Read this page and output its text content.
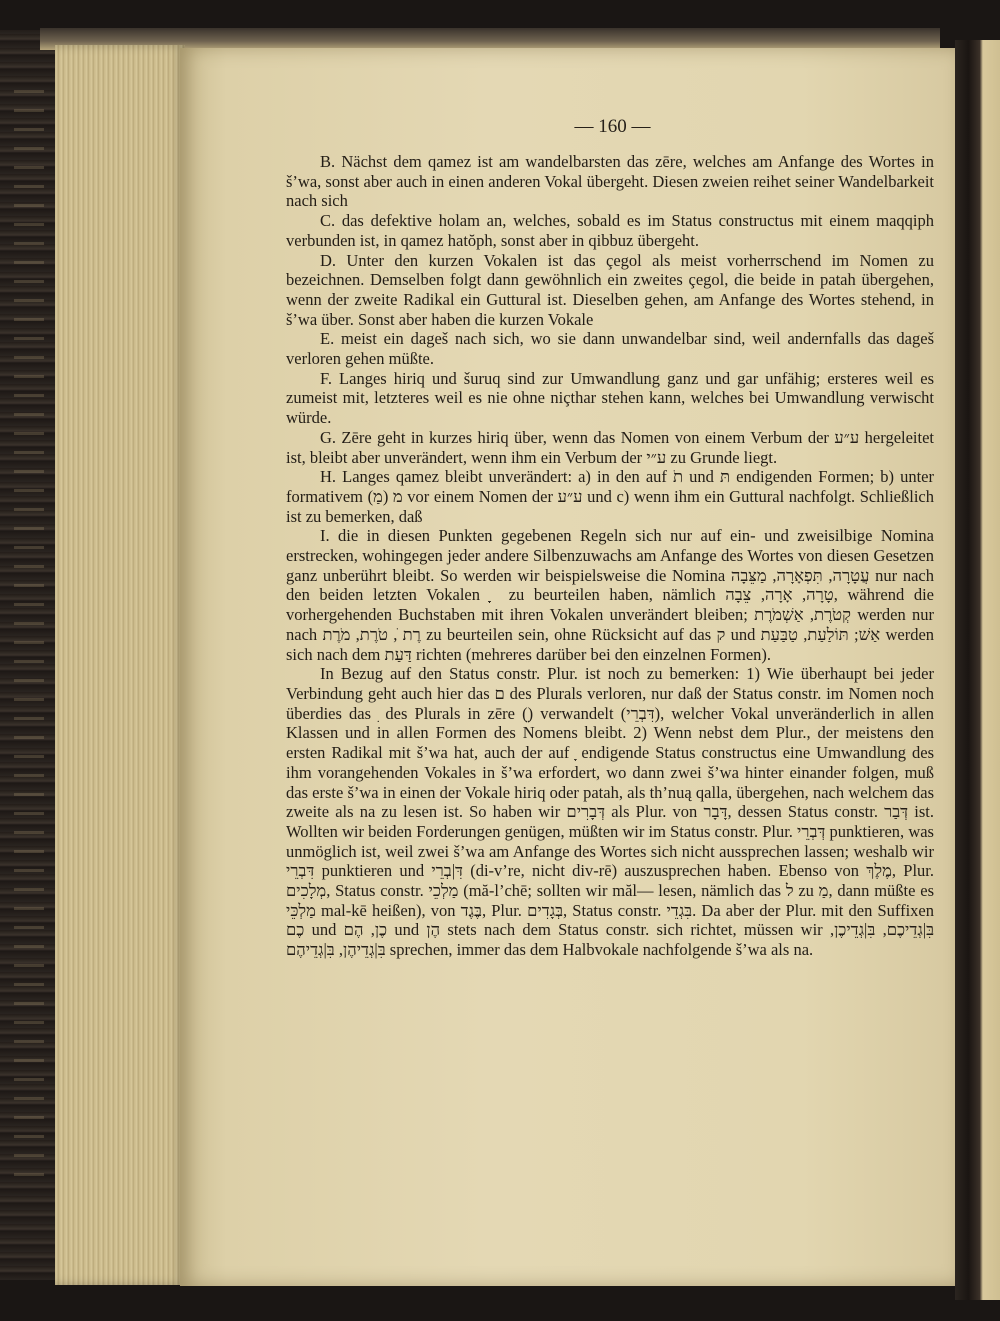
— 160 —

B. Nächst dem qamez ist am wandelbarsten das zēre, welches am Anfange des Wortes in š’wa, sonst aber auch in einen anderen Vokal übergeht. Diesen zweien reihet seiner Wandelbarkeit nach sich

C. das defektive holam an, welches, sobald es im Status constructus mit einem maqqiph verbunden ist, in qamez hatŏph, sonst aber in qibbuz übergeht.

D. Unter den kurzen Vokalen ist das çegol als meist vorherrschend im Nomen zu bezeichnen. Demselben folgt dann gewöhnlich ein zweites çegol, die beide in patah übergehen, wenn der zweite Radikal ein Guttural ist. Dieselben gehen, am Anfange des Wortes stehend, in š’wa über. Sonst aber haben die kurzen Vokale

E. meist ein dageš nach sich, wo sie dann unwandelbar sind, weil andernfalls das dageš verloren gehen müßte.

F. Langes hiriq und šuruq sind zur Umwandlung ganz und gar unfähig; ersteres weil es zumeist mit, letzteres weil es nie ohne niçthar stehen kann, welches bei Umwandlung verwischt würde.

G. Zēre geht in kurzes hiriq über, wenn das Nomen von einem Verbum der ע״ע hergeleitet ist, bleibt aber unverändert, wenn ihm ein Verbum der ע״י zu Grunde liegt.

H. Langes qamez bleibt unverändert: a) in den auf תֹ und תּ endigenden Formen; b) unter formativem מ (מַ) vor einem Nomen der ע״ע und c) wenn ihm ein Guttural nachfolgt. Schließlich ist zu bemerken, daß

I. die in diesen Punkten gegebenen Regeln sich nur auf ein- und zweisilbige Nomina erstrecken, wohingegen jeder andere Silbenzuwachs am Anfange des Wortes von diesen Gesetzen ganz unberührt bleibt. So werden wir beispielsweise die Nomina עֲטָרָה, תִּפְאָרָה, מַצֵּבָה nur nach den beiden letzten Vokalen ָ ָ zu beurteilen haben, nämlich טָרָה, אָרָה, צֵבָה, während die vorhergehenden Buchstaben mit ihren Vokalen unverändert bleiben; קְטֹרֶת, אַשְׁמֹרֶת werden nur nach רֶת ֹ, טֹרֶת, מֹרֶת zu beurteilen sein, ohne Rücksicht auf das ק und אַשׁ; תּוֹלַעַת, טַבַּעַת werden sich nach dem דַּעַת richten (mehreres darüber bei den einzelnen Formen).

In Bezug auf den Status constr. Plur. ist noch zu bemerken: 1) Wie überhaupt bei jeder Verbindung geht auch hier das ם des Plurals verloren, nur daß der Status constr. im Nomen noch überdies das ִ des Plurals in zēre (ֵ) verwandelt (דִּבְרֵי), welcher Vokal unveränderlich in allen Klassen und in allen Formen des Nomens bleibt. 2) Wenn nebst dem Plur., der meistens den ersten Radikal mit š’wa hat, auch der auf ָ endigende Status constructus eine Umwandlung des ihm vorangehenden Vokales in š’wa erfordert, wo dann zwei š’wa hinter einander folgen, muß das erste š’wa in einen der Vokale hiriq oder patah, als th’nuą qalla, übergehen, nach welchem das zweite als na zu lesen ist. So haben wir דְּבָרִים als Plur. von דָּבָר, dessen Status constr. דְּבַר ist. Wollten wir beiden Forderungen genügen, müßten wir im Status constr. Plur. דְּבְרֵי punktieren, was unmöglich ist, weil zwei š’wa am Anfange des Wortes sich nicht aussprechen lassen; weshalb wir דִּבְרֵי punktieren und דִּ|בְרֵי (di-v’re, nicht div-rē) auszusprechen haben. Ebenso von מֶלֶךְ, Plur. מְלָכִים, Status constr. מַלְכֵי (mă-l’chē; sollten wir măl— lesen, nämlich das ל zu מַ, dann müßte es מַלְכֵּי mal-kē heißen), von בֶּגֶד, Plur. בְּגָדִים, Status constr. בִּגְדֵי. Da aber der Plur. mit den Suffixen כֶם und כֶן, הֶם und הֶן stets nach dem Status constr. sich richtet, müssen wir בִּ|גְדֵיכֶם, בִּ|גְדֵיכֶן, בִּ|גְדֵיהֶן, בִּ|גְדֵיהֶם sprechen, immer das dem Halbvokale nachfolgende š’wa als na.
